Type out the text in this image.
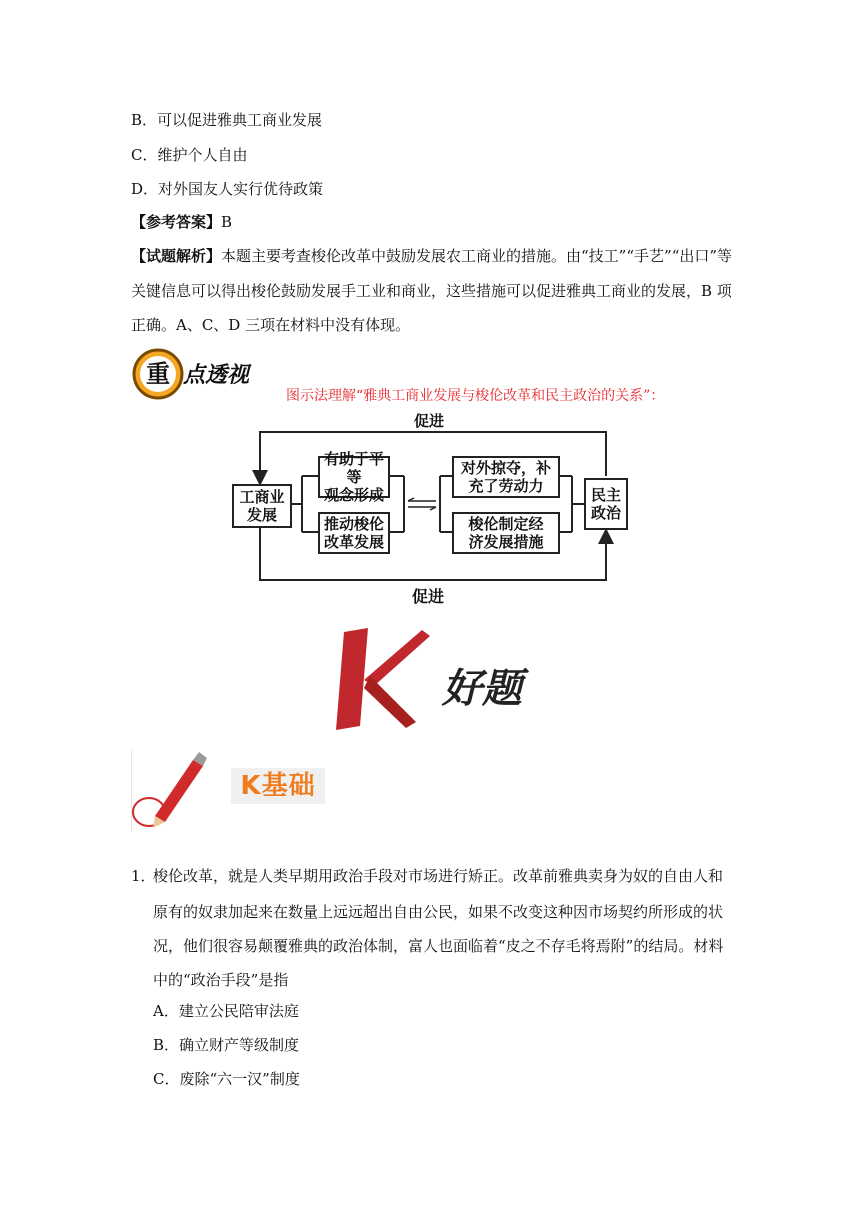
B．可以促进雅典工商业发展
C．维护个人自由
D．对外国友人实行优待政策
【参考答案】B
【试题解析】本题主要考查梭伦改革中鼓励发展农工商业的措施。由“技工”“手艺”“出口”等
关键信息可以得出梭伦鼓励发展手工业和商业，这些措施可以促进雅典工商业的发展，B 项
正确。A、C、D 三项在材料中没有体现。
重 点透视
图示法理解“雅典工商业发展与梭伦改革和民主政治的关系”：
促进
促进
工商业
发展
有助于平等
观念形成
推动梭伦
改革发展
对外掠夺，补
充了劳动力
梭伦制定经
济发展措施
民主
政治
好题
K基础
1．
梭伦改革，就是人类早期用政治手段对市场进行矫正。改革前雅典卖身为奴的自由人和
原有的奴隶加起来在数量上远远超出自由公民，如果不改变这种因市场契约所形成的状
况，他们很容易颠覆雅典的政治体制，富人也面临着“皮之不存毛将焉附”的结局。材料
中的“政治手段”是指
A．建立公民陪审法庭
B．确立财产等级制度
C．废除“六一汉”制度
